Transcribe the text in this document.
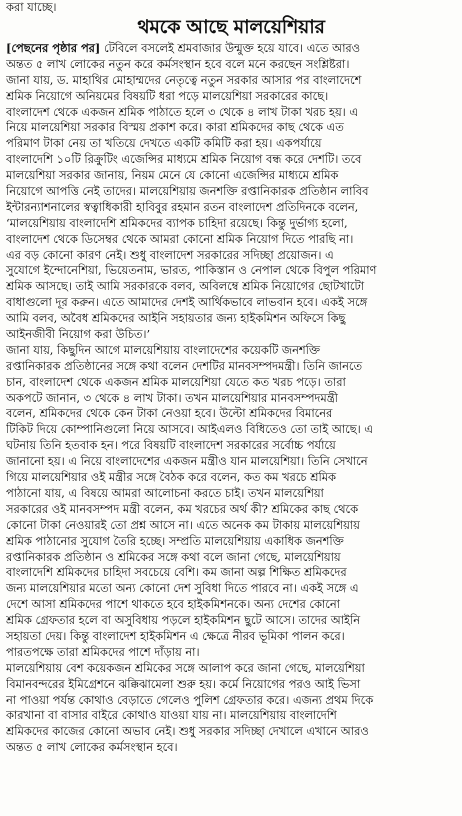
করা যাচ্ছে।
থমকে আছে মালয়েশিয়ার
[পেছনের পৃষ্ঠার পর] টেবিলে বসলেই শ্রমবাজার উন্মুক্ত হয়ে যাবে। এতে আরও
অন্তত ৫ লাখ লোকের নতুন করে কর্মসংস্থান হবে বলে মনে করছেন সংশ্লিষ্টরা।
জানা যায়, ড. মাহাথির মোহাম্মদের নেতৃত্বে নতুন সরকার আসার পর বাংলাদেশে
শ্রমিক নিয়োগে অনিয়মের বিষয়টি ধরা পড়ে মালয়েশিয়া সরকারের কাছে।
বাংলাদেশ থেকে একজন শ্রমিক পাঠাতে হলে ৩ থেকে ৪ লাখ টাকা খরচ হয়। এ
নিয়ে মালয়েশিয়া সরকার বিস্ময় প্রকাশ করে। কারা শ্রমিকদের কাছ থেকে এত
পরিমাণ টাকা নেয় তা খতিয়ে দেখতে একটি কমিটি করা হয়। একপর্যায়ে
বাংলাদেশি ১০টি রিক্রুটিং এজেন্সির মাধ্যমে শ্রমিক নিয়োগ বন্ধ করে দেশটি। তবে
মালয়েশিয়া সরকার জানায়, নিয়ম মেনে যে কোনো এজেন্সির মাধ্যমে শ্রমিক
নিয়োগে আপত্তি নেই তাদের। মালয়েশিয়ায় জনশক্তি রপ্তানিকারক প্রতিষ্ঠান লাবিব
ইন্টারন্যাশনালের স্বত্বাধিকারী হাবিবুর রহমান রতন বাংলাদেশ প্রতিদিনকে বলেন,
‘মালয়েশিয়ায় বাংলাদেশি শ্রমিকদের ব্যাপক চাহিদা রয়েছে। কিন্তু দুর্ভাগ্য হলো,
বাংলাদেশ থেকে ডিসেম্বর থেকে আমরা কোনো শ্রমিক নিয়োগ দিতে পারছি না।
এর বড় কোনো কারণ নেই। শুধু বাংলাদেশ সরকারের সদিচ্ছা প্রয়োজন। এ
সুযোগে ইন্দোনেশিয়া, ভিয়েতনাম, ভারত, পাকিস্তান ও নেপাল থেকে বিপুল পরিমাণ
শ্রমিক আসছে। তাই আমি সরকারকে বলব, অবিলম্বে শ্রমিক নিয়োগের ছোটখাটো
বাধাগুলো দূর করুন। এতে আমাদের দেশই আর্থিকভাবে লাভবান হবে। একই সঙ্গে
আমি বলব, অবৈধ শ্রমিকদের আইনি সহায়তার জন্য হাইকমিশন অফিসে কিছু
আইনজীবী নিয়োগ করা উচিত।’
জানা যায়, কিছুদিন আগে মালয়েশিয়ায় বাংলাদেশের কয়েকটি জনশক্তি
রপ্তানিকারক প্রতিষ্ঠানের সঙ্গে কথা বলেন দেশটির মানবসম্পদমন্ত্রী। তিনি জানতে
চান, বাংলাদেশ থেকে একজন শ্রমিক মালয়েশিয়া যেতে কত খরচ পড়ে। তারা
অকপটে জানান, ৩ থেকে ৪ লাখ টাকা। তখন মালয়েশিয়ার মানবসম্পদমন্ত্রী
বলেন, শ্রমিকদের থেকে কেন টাকা নেওয়া হবে। উল্টো শ্রমিকদের বিমানের
টিকিট দিয়ে কোম্পানিগুলো নিয়ে আসবে। আইএলও বিধিতেও তো তাই আছে। এ
ঘটনায় তিনি হতবাক হন। পরে বিষয়টি বাংলাদেশ সরকারের সর্বোচ্চ পর্যায়ে
জানানো হয়। এ নিয়ে বাংলাদেশের একজন মন্ত্রীও যান মালয়েশিয়া। তিনি সেখানে
গিয়ে মালয়েশিয়ার ওই মন্ত্রীর সঙ্গে বৈঠক করে বলেন, কত কম খরচে শ্রমিক
পাঠানো যায়, এ বিষয়ে আমরা আলোচনা করতে চাই। তখন মালয়েশিয়া
সরকারের ওই মানবসম্পদ মন্ত্রী বলেন, কম খরচের অর্থ কী? শ্রমিকের কাছ থেকে
কোনো টাকা নেওয়ারই তো প্রশ্ন আসে না। এতে অনেক কম টাকায় মালয়েশিয়ায়
শ্রমিক পাঠানোর সুযোগ তৈরি হচ্ছে। সম্প্রতি মালয়েশিয়ায় একাধিক জনশক্তি
রপ্তানিকারক প্রতিষ্ঠান ও শ্রমিকের সঙ্গে কথা বলে জানা গেছে, মালয়েশিয়ায়
বাংলাদেশি শ্রমিকদের চাহিদা সবচেয়ে বেশি। কম জানা অল্প শিক্ষিত শ্রমিকদের
জন্য মালয়েশিয়ার মতো অন্য কোনো দেশ সুবিধা দিতে পারবে না। একই সঙ্গে এ
দেশে আসা শ্রমিকদের পাশে থাকতে হবে হাইকমিশনকে। অন্য দেশের কোনো
শ্রমিক গ্রেফতার হলে বা অসুবিধায় পড়লে হাইকমিশন ছুটে আসে। তাদের আইনি
সহায়তা দেয়। কিন্তু বাংলাদেশ হাইকমিশন এ ক্ষেত্রে নীরব ভূমিকা পালন করে।
পারতপক্ষে তারা শ্রমিকদের পাশে দাঁড়ায় না।
মালয়েশিয়ায় বেশ কয়েকজন শ্রমিকের সঙ্গে আলাপ করে জানা গেছে, মালয়েশিয়া
বিমানবন্দরের ইমিগ্রেশনে ঝক্কিঝামেলা শুরু হয়। কর্মে নিয়োগের পরও আই ভিসা
না পাওয়া পর্যন্ত কোথাও বেড়াতে গেলেও পুলিশ গ্রেফতার করে। এজন্য প্রথম দিকে
কারখানা বা বাসার বাইরে কোথাও যাওয়া যায় না। মালয়েশিয়ায় বাংলাদেশি
শ্রমিকদের কাজের কোনো অভাব নেই। শুধু সরকার সদিচ্ছা দেখালে এখানে আরও
অন্তত ৫ লাখ লোকের কর্মসংস্থান হবে।
